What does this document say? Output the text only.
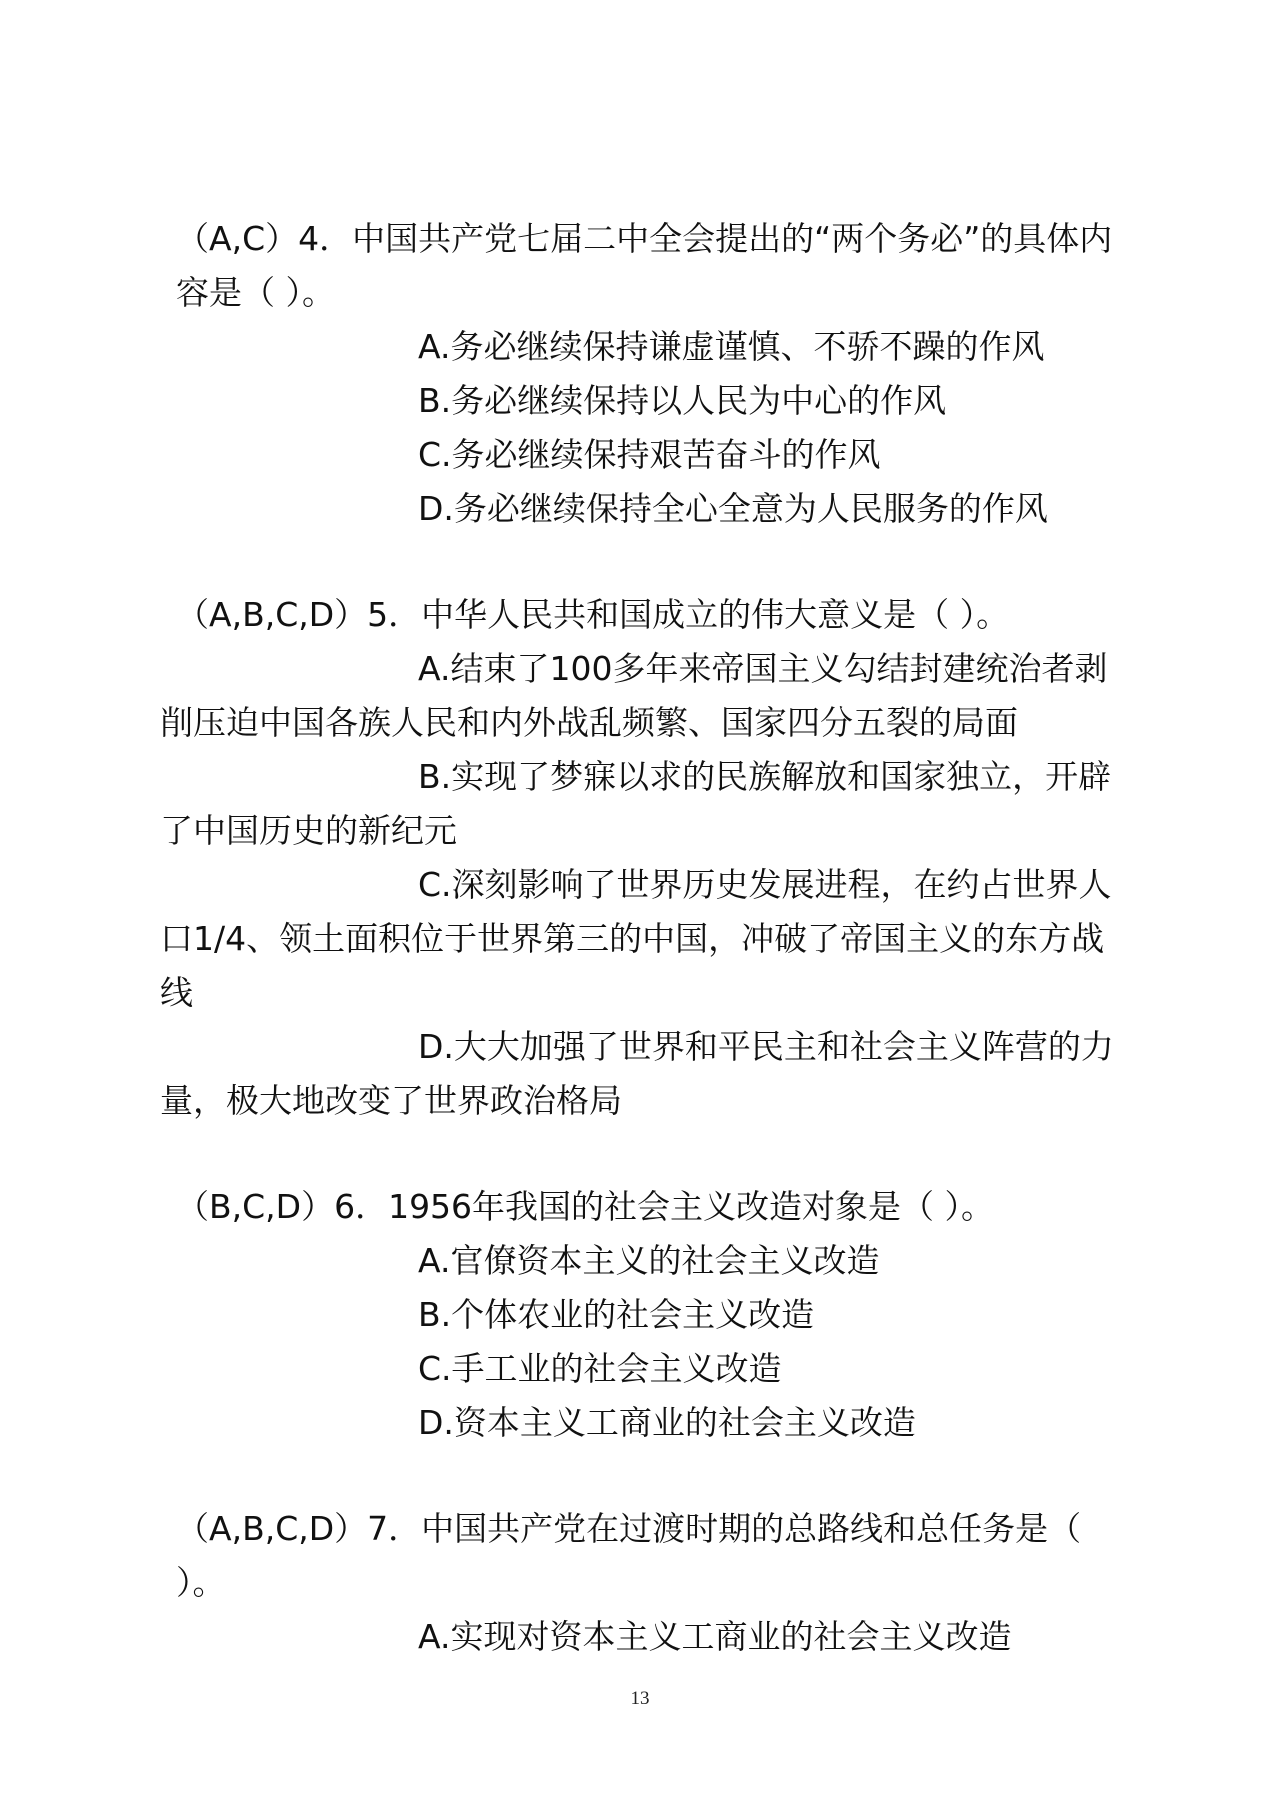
（A,C）4．中国共产党七届二中全会提出的“两个务必”的具体内容是（ ）。

A.务必继续保持谦虚谨慎、不骄不躁的作风

B.务必继续保持以人民为中心的作风

C.务必继续保持艰苦奋斗的作风

D.务必继续保持全心全意为人民服务的作风

（A,B,C,D）5．中华人民共和国成立的伟大意义是（ ）。

A.结束了100多年来帝国主义勾结封建统治者剥削压迫中国各族人民和内外战乱频繁、国家四分五裂的局面

B.实现了梦寐以求的民族解放和国家独立，开辟了中国历史的新纪元

C.深刻影响了世界历史发展进程，在约占世界人口1/4、领土面积位于世界第三的中国，冲破了帝国主义的东方战线

D.大大加强了世界和平民主和社会主义阵营的力量，极大地改变了世界政治格局

（B,C,D）6．1956年我国的社会主义改造对象是（ ）。

A.官僚资本主义的社会主义改造

B.个体农业的社会主义改造

C.手工业的社会主义改造

D.资本主义工商业的社会主义改造

（A,B,C,D）7．中国共产党在过渡时期的总路线和总任务是（ ）。

A.实现对资本主义工商业的社会主义改造

13
